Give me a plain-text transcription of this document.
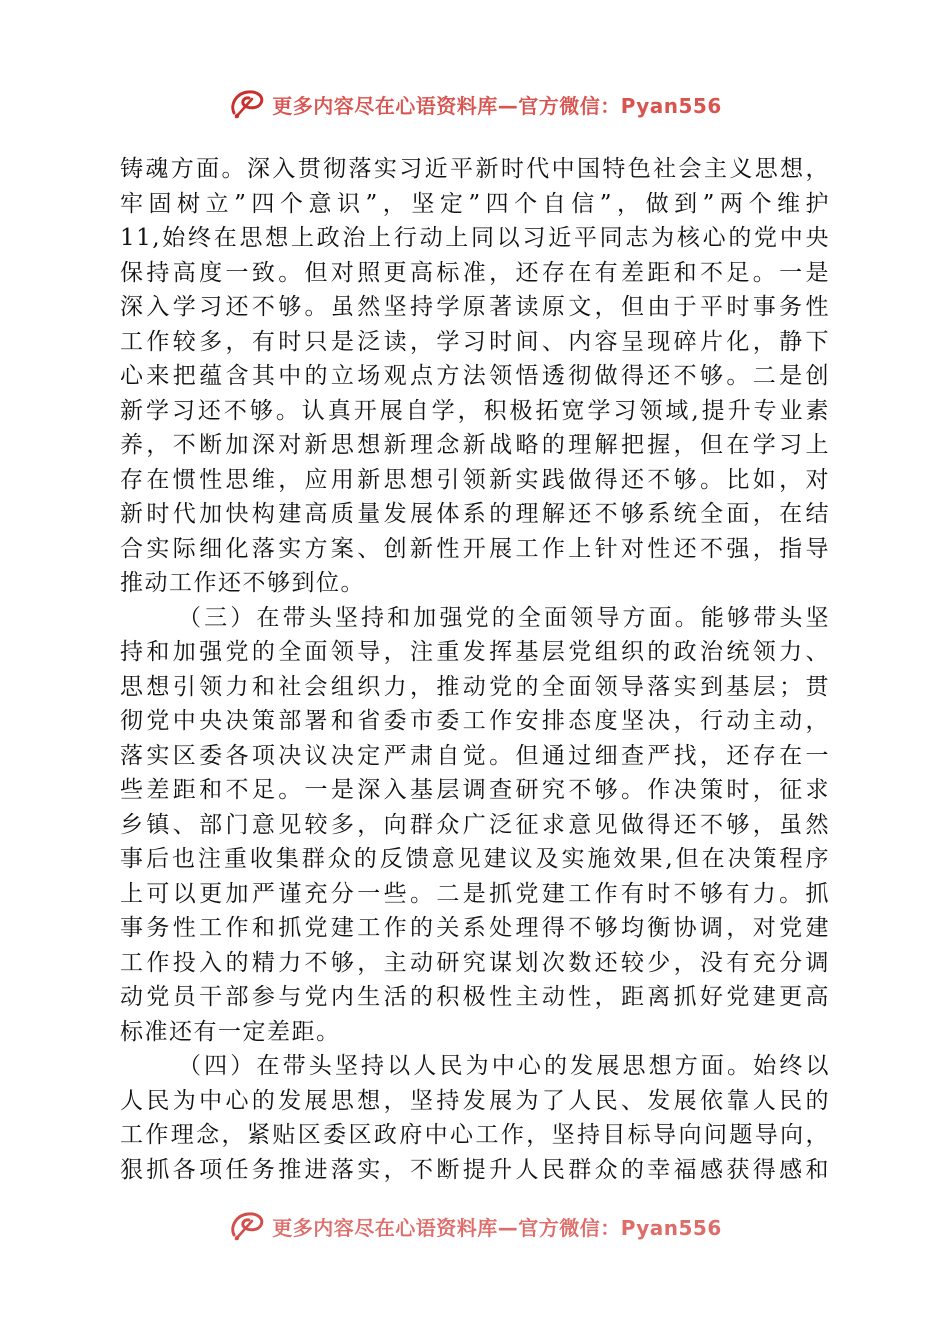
更多内容尽在心语资料库—官方微信：Pyan556
铸魂方面。深入贯彻落实习近平新时代中国特色社会主义思想，
牢固树立”四个意识”，坚定”四个自信”，做到”两个维护
11,始终在思想上政治上行动上同以习近平同志为核心的党中央
保持高度一致。但对照更高标准，还存在有差距和不足。一是
深入学习还不够。虽然坚持学原著读原文，但由于平时事务性
工作较多，有时只是泛读，学习时间、内容呈现碎片化，静下
心来把蕴含其中的立场观点方法领悟透彻做得还不够。二是创
新学习还不够。认真开展自学，积极拓宽学习领域,提升专业素
养，不断加深对新思想新理念新战略的理解把握，但在学习上
存在惯性思维，应用新思想引领新实践做得还不够。比如，对
新时代加快构建高质量发展体系的理解还不够系统全面，在结
合实际细化落实方案、创新性开展工作上针对性还不强，指导
推动工作还不够到位。
（三）在带头坚持和加强党的全面领导方面。能够带头坚
持和加强党的全面领导，注重发挥基层党组织的政治统领力、
思想引领力和社会组织力，推动党的全面领导落实到基层；贯
彻党中央决策部署和省委市委工作安排态度坚决，行动主动，
落实区委各项决议决定严肃自觉。但通过细查严找，还存在一
些差距和不足。一是深入基层调查研究不够。作决策时，征求
乡镇、部门意见较多，向群众广泛征求意见做得还不够，虽然
事后也注重收集群众的反馈意见建议及实施效果,但在决策程序
上可以更加严谨充分一些。二是抓党建工作有时不够有力。抓
事务性工作和抓党建工作的关系处理得不够均衡协调，对党建
工作投入的精力不够，主动研究谋划次数还较少，没有充分调
动党员干部参与党内生活的积极性主动性，距离抓好党建更高
标准还有一定差距。
（四）在带头坚持以人民为中心的发展思想方面。始终以
人民为中心的发展思想，坚持发展为了人民、发展依靠人民的
工作理念，紧贴区委区政府中心工作，坚持目标导向问题导向，
狠抓各项任务推进落实，不断提升人民群众的幸福感获得感和
更多内容尽在心语资料库—官方微信：Pyan556
